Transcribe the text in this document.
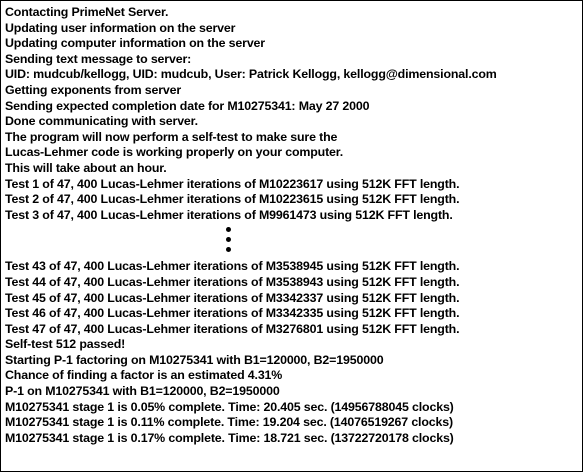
Contacting PrimeNet Server.
Updating user information on the server
Updating computer information on the server
Sending text message to server:
UID: mudcub/kellogg, UID: mudcub, User: Patrick Kellogg, kellogg@dimensional.com
Getting exponents from server
Sending expected completion date for M10275341: May 27 2000
Done communicating with server.
The program will now perform a self-test to make sure the
Lucas-Lehmer code is working properly on your computer.
This will take about an hour.
Test 1 of 47, 400 Lucas-Lehmer iterations of M10223617 using 512K FFT length.
Test 2 of 47, 400 Lucas-Lehmer iterations of M10223615 using 512K FFT length.
Test 3 of 47, 400 Lucas-Lehmer iterations of M9961473 using 512K FFT length.
Test 43 of 47, 400 Lucas-Lehmer iterations of M3538945 using 512K FFT length.
Test 44 of 47, 400 Lucas-Lehmer iterations of M3538943 using 512K FFT length.
Test 45 of 47, 400 Lucas-Lehmer iterations of M3342337 using 512K FFT length.
Test 46 of 47, 400 Lucas-Lehmer iterations of M3342335 using 512K FFT length.
Test 47 of 47, 400 Lucas-Lehmer iterations of M3276801 using 512K FFT length.
Self-test 512 passed!
Starting P-1 factoring on M10275341 with B1=120000, B2=1950000
Chance of finding a factor is an estimated 4.31%
P-1 on M10275341 with B1=120000, B2=1950000
M10275341 stage 1 is 0.05% complete. Time: 20.405 sec. (14956788045 clocks)
M10275341 stage 1 is 0.11% complete. Time: 19.204 sec. (14076519267 clocks)
M10275341 stage 1 is 0.17% complete. Time: 18.721 sec. (13722720178 clocks)
